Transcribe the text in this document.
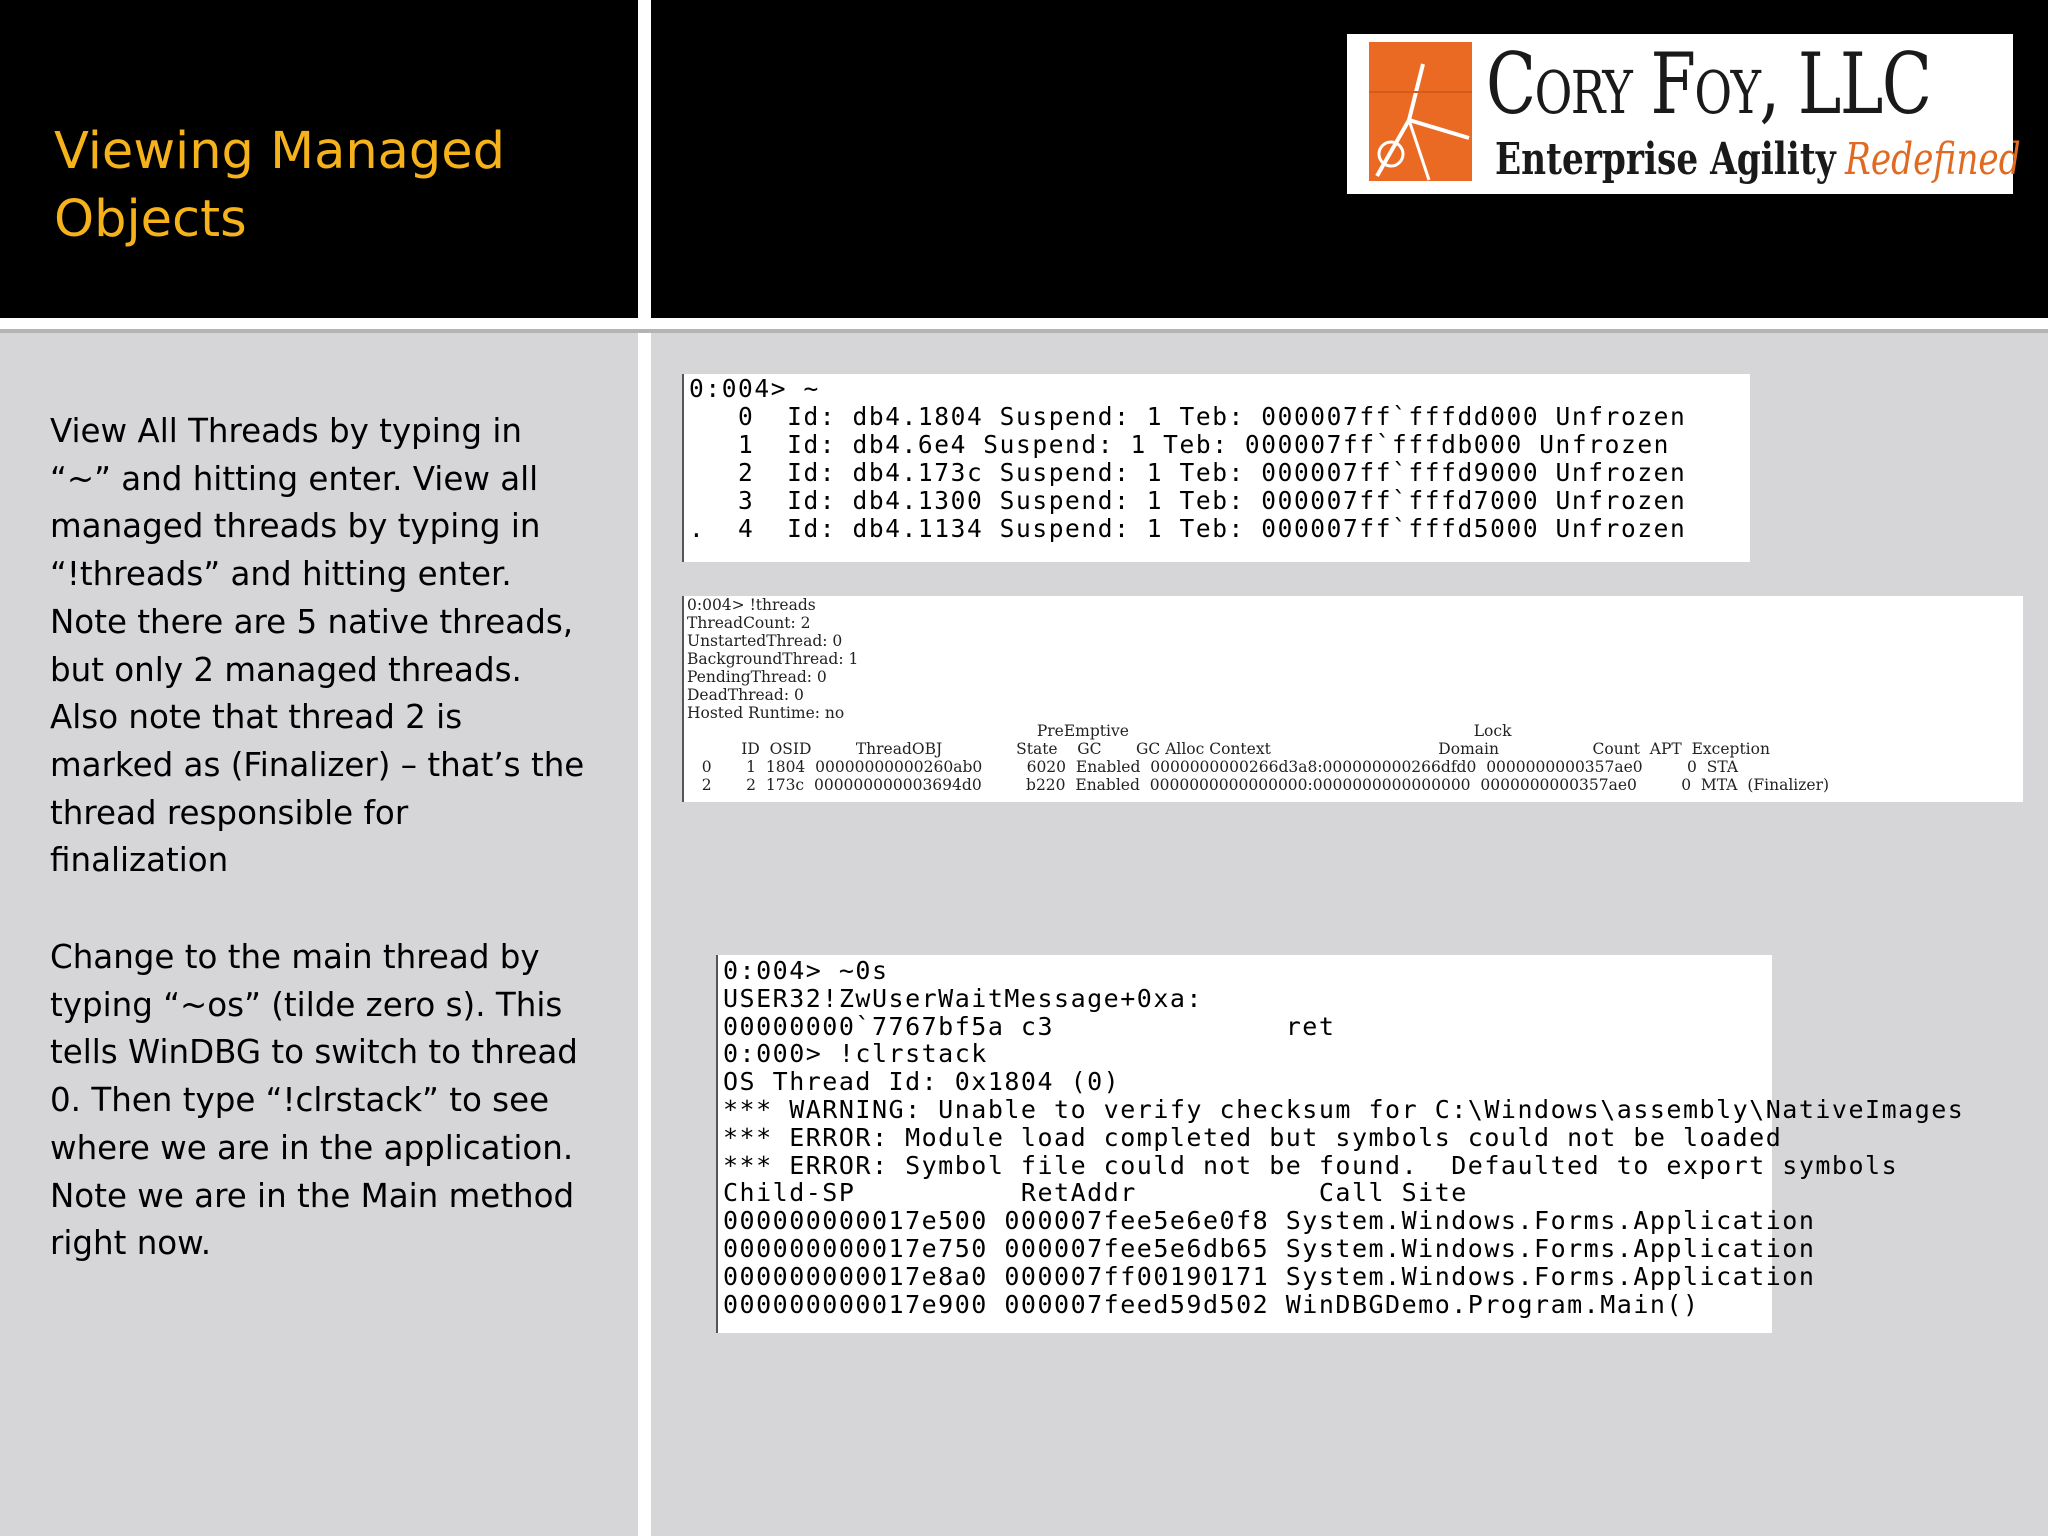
Viewing Managed
Objects
Cory Foy, LLC
Enterprise Agility Redefined

View All Threads by typing in “~” and hitting enter. View all managed threads by typing in “!threads” and hitting enter. Note there are 5 native threads, but only 2 managed threads. Also note that thread 2 is marked as (Finalizer) – that’s the thread responsible for finalization

Change to the main thread by typing “~os” (tilde zero s). This tells WinDBG to switch to thread 0. Then type “!clrstack” to see where we are in the application. Note we are in the Main method right now.

0:004> ~
0  Id: db4.1804 Suspend: 1 Teb: 000007ff`fffdd000 Unfrozen
1  Id: db4.6e4 Suspend: 1 Teb: 000007ff`fffdb000 Unfrozen
2  Id: db4.173c Suspend: 1 Teb: 000007ff`fffd9000 Unfrozen
3  Id: db4.1300 Suspend: 1 Teb: 000007ff`fffd7000 Unfrozen
.  4  Id: db4.1134 Suspend: 1 Teb: 000007ff`fffd5000 Unfrozen
0:004> !threads
ThreadCount: 2
UnstartedThread: 0
BackgroundThread: 1
PendingThread: 0
DeadThread: 0
Hosted Runtime: no
PreEmptive                                                                      Lock
ID  OSID         ThreadOBJ               State    GC       GC Alloc Context                                  Domain                   Count  APT  Exception
0       1  1804  00000000000260ab0         6020  Enabled  0000000000266d3a8:000000000266dfd0  0000000000357ae0         0  STA
2       2  173c  000000000003694d0         b220  Enabled  0000000000000000:0000000000000000  0000000000357ae0         0  MTA  (Finalizer)
0:004> ~0s
USER32!ZwUserWaitMessage+0xa:
00000000`7767bf5a c3              ret
0:000> !clrstack
OS Thread Id: 0x1804 (0)
*** WARNING: Unable to verify checksum for C:\Windows\assembly\NativeImages
*** ERROR: Module load completed but symbols could not be loaded
*** ERROR: Symbol file could not be found.  Defaulted to export symbols
Child-SP          RetAddr           Call Site
000000000017e500 000007fee5e6e0f8 System.Windows.Forms.Application
000000000017e750 000007fee5e6db65 System.Windows.Forms.Application
000000000017e8a0 000007ff00190171 System.Windows.Forms.Application
000000000017e900 000007feed59d502 WinDBGDemo.Program.Main()
